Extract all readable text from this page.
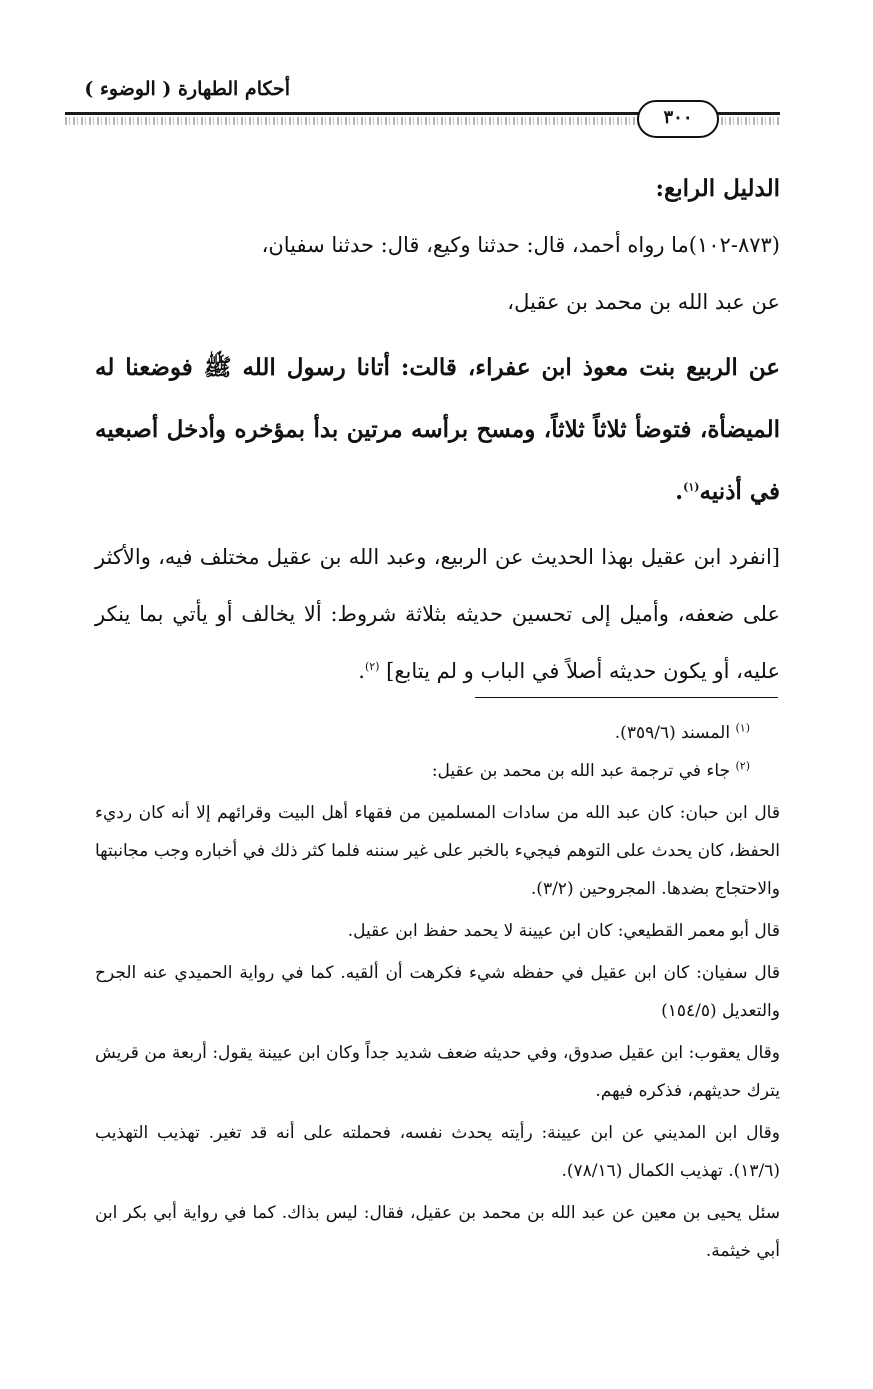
أحكام الطهارة ( الوضوء )
٣٠٠

الدليل الرابع:

(٨٧٣-١٠٢)ما رواه أحمد، قال: حدثنا وكيع، قال: حدثنا سفيان،

عن عبد الله بن محمد بن عقيل،

عن الربيع بنت معوذ ابن عفراء، قالت: أتانا رسول الله ﷺ فوضعنا له الميضأة، فتوضأ ثلاثاً ثلاثاً، ومسح برأسه مرتين بدأ بمؤخره وأدخل أصبعيه في أذنيه$^{(١)}$.

[انفرد ابن عقيل بهذا الحديث عن الربيع، وعبد الله بن عقيل مختلف فيه، والأكثر على ضعفه، وأميل إلى تحسين حديثه بثلاثة شروط: ألا يخالف أو يأتي بما ينكر عليه، أو يكون حديثه أصلاً في الباب و لم يتابع] $^{(٢)}$.

$^{(١)}$ المسند (٣٥٩/٦).

$^{(٢)}$ جاء في ترجمة عبد الله بن محمد بن عقيل:

قال ابن حبان: كان عبد الله من سادات المسلمين من فقهاء أهل البيت وقرائهم إلا أنه كان رديء الحفظ، كان يحدث على التوهم فيجيء بالخبر على غير سننه فلما كثر ذلك في أخباره وجب مجانبتها والاحتجاج بضدها. المجروحين (٣/٢).

قال أبو معمر القطيعي: كان ابن عيينة لا يحمد حفظ ابن عقيل.

قال سفيان: كان ابن عقيل في حفظه شيء فكرهت أن ألقيه. كما في رواية الحميدي عنه الجرح والتعديل (١٥٤/٥)

وقال يعقوب: ابن عقيل صدوق، وفي حديثه ضعف شديد جداً وكان ابن عيينة يقول: أربعة من قريش يترك حديثهم، فذكره فيهم.

وقال ابن المديني عن ابن عيينة: رأيته يحدث نفسه، فحملته على أنه قد تغير. تهذيب التهذيب (١٣/٦). تهذيب الكمال (٧٨/١٦).

سئل يحيى بن معين عن عبد الله بن محمد بن عقيل، فقال: ليس بذاك. كما في رواية أبي بكر ابن أبي خيثمة.
